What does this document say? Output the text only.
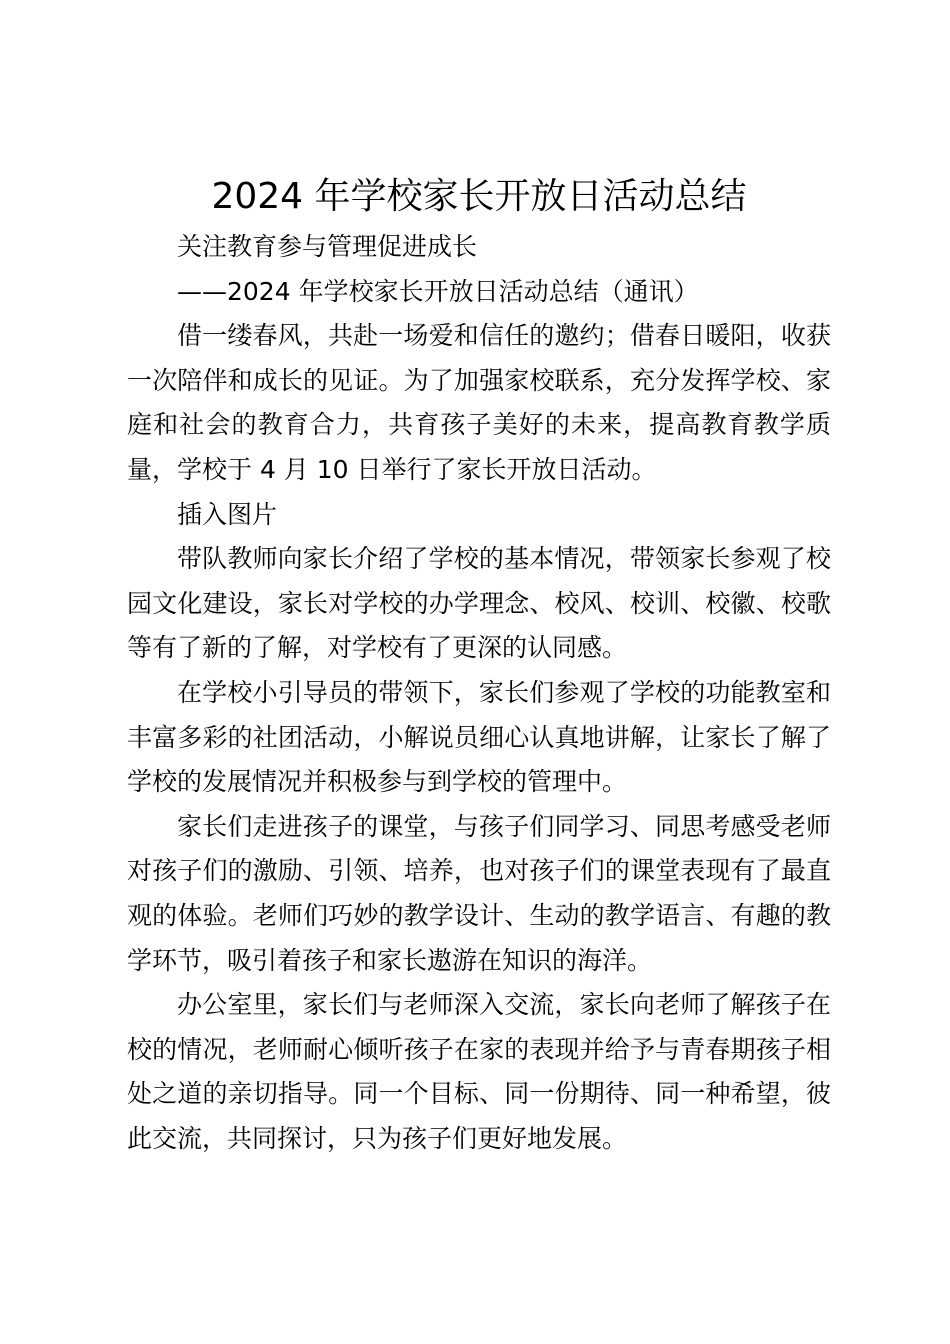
2024 年学校家长开放日活动总结

关注教育参与管理促进成长

——2024 年学校家长开放日活动总结（通讯）

借一缕春风，共赴一场爱和信任的邀约；借春日暖阳，收获一次陪伴和成长的见证。为了加强家校联系，充分发挥学校、家庭和社会的教育合力，共育孩子美好的未来，提高教育教学质量，学校于 4 月 10 日举行了家长开放日活动。

插入图片

带队教师向家长介绍了学校的基本情况，带领家长参观了校园文化建设，家长对学校的办学理念、校风、校训、校徽、校歌等有了新的了解，对学校有了更深的认同感。

在学校小引导员的带领下，家长们参观了学校的功能教室和丰富多彩的社团活动，小解说员细心认真地讲解，让家长了解了学校的发展情况并积极参与到学校的管理中。

家长们走进孩子的课堂，与孩子们同学习、同思考感受老师对孩子们的激励、引领、培养，也对孩子们的课堂表现有了最直观的体验。老师们巧妙的教学设计、生动的教学语言、有趣的教学环节，吸引着孩子和家长遨游在知识的海洋。

办公室里，家长们与老师深入交流，家长向老师了解孩子在校的情况，老师耐心倾听孩子在家的表现并给予与青春期孩子相处之道的亲切指导。同一个目标、同一份期待、同一种希望，彼此交流，共同探讨，只为孩子们更好地发展。
